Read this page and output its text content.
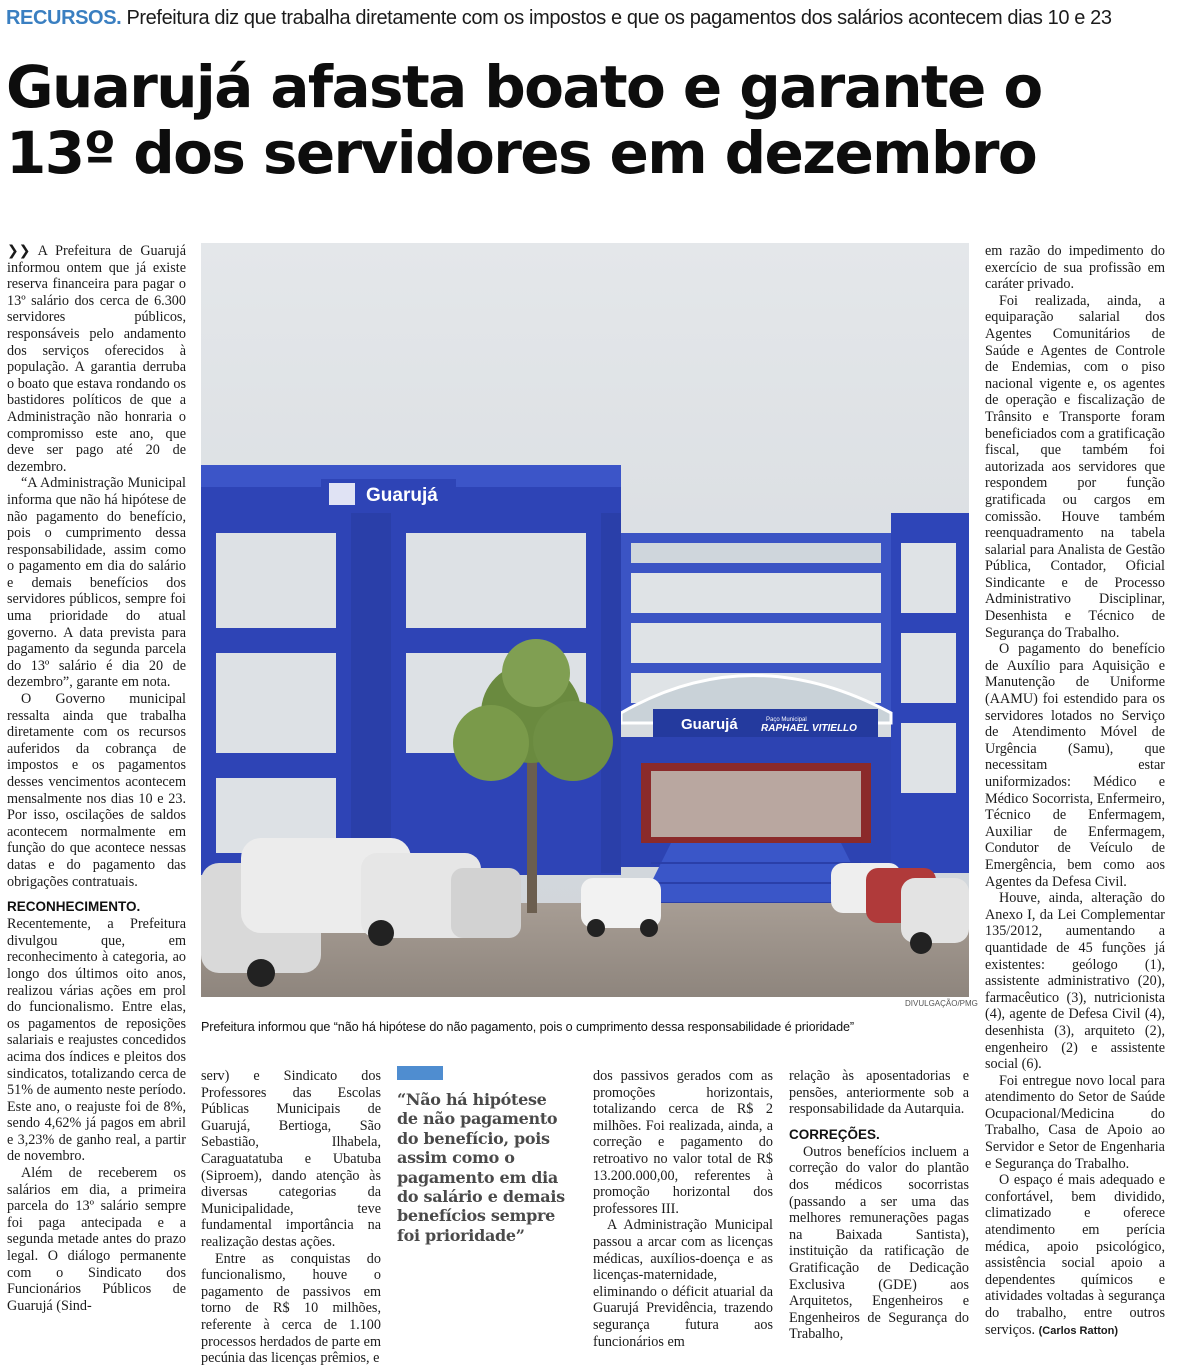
RECURSOS. Prefeitura diz que trabalha diretamente com os impostos e que os pagamentos dos salários acontecem dias 10 e 23
Guarujá afasta boato e garante o
13º dos servidores em dezembro

❯❯ A Prefeitura de Guarujá informou ontem que já existe reserva financeira para pagar o 13º salário dos cerca de 6.300 servidores públicos, responsáveis pelo andamento dos serviços oferecidos à população. A garantia derruba o boato que estava rondando os bastidores políticos de que a Administração não honraria o compromisso este ano, que deve ser pago até 20 de dezembro.

“A Administração Municipal informa que não há hipótese de não pagamento do benefício, pois o cumprimento dessa responsabilidade, assim como o pagamento em dia do salário e demais benefícios dos servidores públicos, sempre foi uma prioridade do atual governo. A data prevista para pagamento da segunda parcela do 13º salário é dia 20 de dezembro”, garante em nota.

O Governo municipal ressalta ainda que trabalha diretamente com os recursos auferidos da cobrança de impostos e os pagamentos desses vencimentos acontecem mensalmente nos dias 10 e 23. Por isso, oscilações de saldos acontecem normalmente em função do que acontece nessas datas e do pagamento das obrigações contratuais.

RECONHECIMENTO.

Recentemente, a Prefeitura divulgou que, em reconhecimento à categoria, ao longo dos últimos oito anos, realizou várias ações em prol do funcionalismo. Entre elas, os pagamentos de reposições salariais e reajustes concedidos acima dos índices e pleitos dos sindicatos, totalizando cerca de 51% de aumento neste período. Este ano, o reajuste foi de 8%, sendo 4,62% já pagos em abril e 3,23% de ganho real, a partir de novembro.

Além de receberem os salários em dia, a primeira parcela do 13º salário sempre foi paga antecipada e a segunda metade antes do prazo legal. O diálogo permanente com o Sindicato dos Funcionários Públicos de Guarujá (Sind-

Guarujá	Paço Municipal
RAPHAEL VITIELLO
Guarujá
DIVULGAÇÃO/PMG
Prefeitura informou que “não há hipótese do não pagamento, pois o cumprimento dessa responsabilidade é prioridade”

serv) e Sindicato dos Professores das Escolas Públicas Municipais de Guarujá, Bertioga, São Sebastião, Ilhabela, Caraguatatuba e Ubatuba (Siproem), dando atenção às diversas categorias da Municipalidade, teve fundamental importância na realização destas ações.

Entre as conquistas do funcionalismo, houve o pagamento de passivos em torno de R$ 10 milhões, referente à cerca de 1.100 processos herdados de parte em pecúnia das licenças prêmios, e

“Não há hipótese de não pagamento do benefício, pois assim como o pagamento em dia do salário e demais benefícios sempre foi prioridade”

dos passivos gerados com as promoções horizontais, totalizando cerca de R$ 2 milhões. Foi realizada, ainda, a correção e pagamento do retroativo no valor total de R$ 13.200.000,00, referentes à promoção horizontal dos professores III.

A Administração Municipal passou a arcar com as licenças médicas, auxílios-doença e as licenças-maternidade, eliminando o déficit atuarial da Guarujá Previdência, trazendo segurança futura aos funcionários em

relação às aposentadorias e pensões, anteriormente sob a responsabilidade da Autarquia.

CORREÇÕES.

Outros benefícios incluem a correção do valor do plantão dos médicos socorristas (passando a ser uma das melhores remunerações pagas na Baixada Santista), instituição da ratificação de Gratificação de Dedicação Exclusiva (GDE) aos Arquitetos, Engenheiros e Engenheiros de Segurança do Trabalho,

em razão do impedimento do exercício de sua profissão em caráter privado.

Foi realizada, ainda, a equiparação salarial dos Agentes Comunitários de Saúde e Agentes de Controle de Endemias, com o piso nacional vigente e, os agentes de operação e fiscalização de Trânsito e Transporte foram beneficiados com a gratificação fiscal, que também foi autorizada aos servidores que respondem por função gratificada ou cargos em comissão. Houve também reenquadramento na tabela salarial para Analista de Gestão Pública, Contador, Oficial Sindicante e de Processo Administrativo Disciplinar, Desenhista e Técnico de Segurança do Trabalho.

O pagamento do benefício de Auxílio para Aquisição e Manutenção de Uniforme (AAMU) foi estendido para os servidores lotados no Serviço de Atendimento Móvel de Urgência (Samu), que necessitam estar uniformizados: Médico e Médico Socorrista, Enfermeiro, Técnico de Enfermagem, Auxiliar de Enfermagem, Condutor de Veículo de Emergência, bem como aos Agentes da Defesa Civil.

Houve, ainda, alteração do Anexo I, da Lei Complementar 135/2012, aumentando a quantidade de 45 funções já existentes: geólogo (1), assistente administrativo (20), farmacêutico (3), nutricionista (4), agente de Defesa Civil (4), desenhista (3), arquiteto (2), engenheiro (2) e assistente social (6).

Foi entregue novo local para atendimento do Setor de Saúde Ocupacional/Medicina do Trabalho, Casa de Apoio ao Servidor e Setor de Engenharia e Segurança do Trabalho.

O espaço é mais adequado e confortável, bem dividido, climatizado e oferece atendimento em perícia médica, apoio psicológico, assistência social apoio a dependentes químicos e atividades voltadas à segurança do trabalho, entre outros serviços. (Carlos Ratton)
